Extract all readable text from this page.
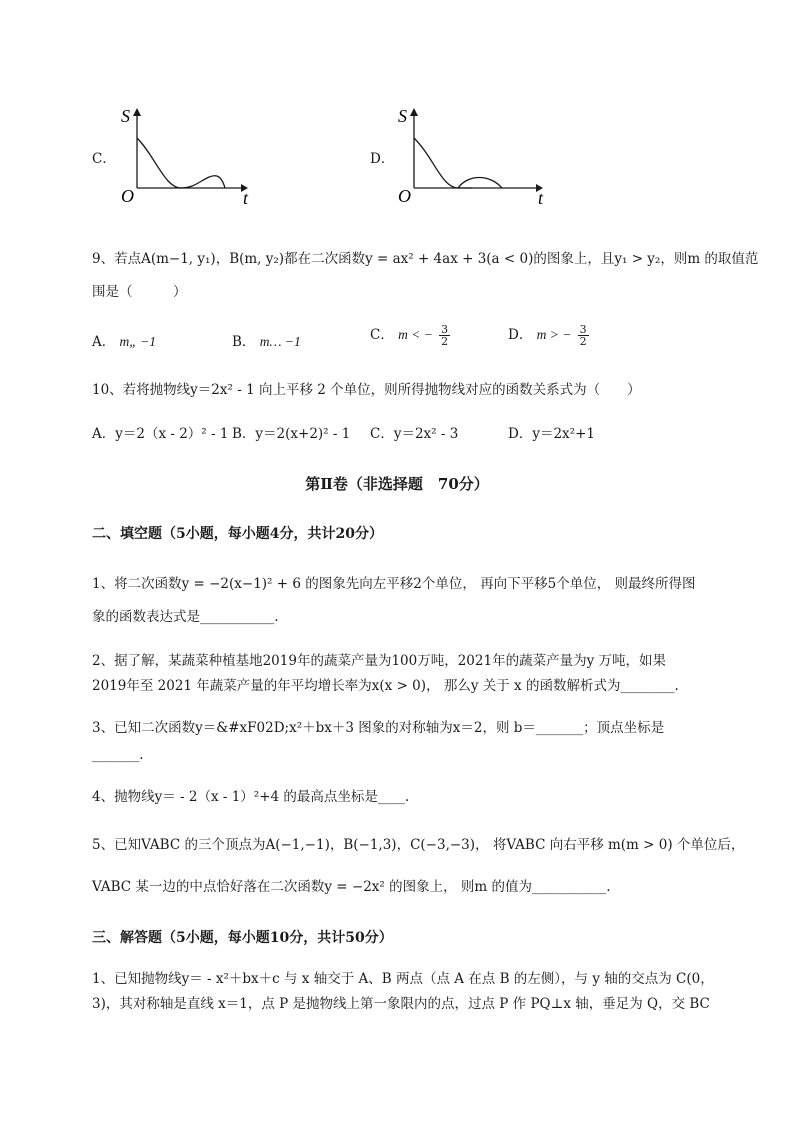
C．
S
O	t
D．
S
O	t
9、若点A(m−1, y₁)，B(m, y₂)都在二次函数y = ax² + 4ax + 3(a < 0)的图象上，且y₁ > y₂，则m 的取值范
围是（　　　）
A． m„ −1	B． m… −1	C． m < − $\frac{3}{2}$	D． m > − $\frac{3}{2}$
10、若将抛物线y＝2x² - 1 向上平移 2 个单位，则所得抛物线对应的函数关系式为（　　）
A．y＝2（x - 2）² - 1 B．y＝2(x+2)² - 1 C．y＝2x² - 3	D．y＝2x²+1
第Ⅱ卷（非选择题　70分）
二、填空题（5小题，每小题4分，共计20分）
1、将二次函数y = −2(x−1)² + 6 的图象先向左平移2个单位， 再向下平移5个单位， 则最终所得图
象的函数表达式是___________.
2、据了解，某蔬菜种植基地2019年的蔬菜产量为100万吨，2021年的蔬菜产量为y 万吨，如果
2019年至 2021 年蔬菜产量的年平均增长率为x(x > 0)， 那么y 关于 x 的函数解析式为________.
3、已知二次函数y＝&#xF02D;x²＋bx＋3 图象的对称轴为x＝2，则 b＝_______；顶点坐标是
_______.
4、抛物线y＝ - 2（x - 1）²+4 的最高点坐标是____.
5、已知VABC 的三个顶点为A(−1,−1)，B(−1,3)，C(−3,−3)， 将VABC 向右平移 m(m > 0) 个单位后，
VABC 某一边的中点恰好落在二次函数y = −2x² 的图象上， 则m 的值为___________.
三、解答题（5小题，每小题10分，共计50分）
1、已知抛物线y＝ - x²＋bx＋c 与 x 轴交于 A、B 两点（点 A 在点 B 的左侧），与 y 轴的交点为 C(0，
3)，其对称轴是直线 x＝1，点 P 是抛物线上第一象限内的点，过点 P 作 PQ⊥x 轴，垂足为 Q，交 BC
